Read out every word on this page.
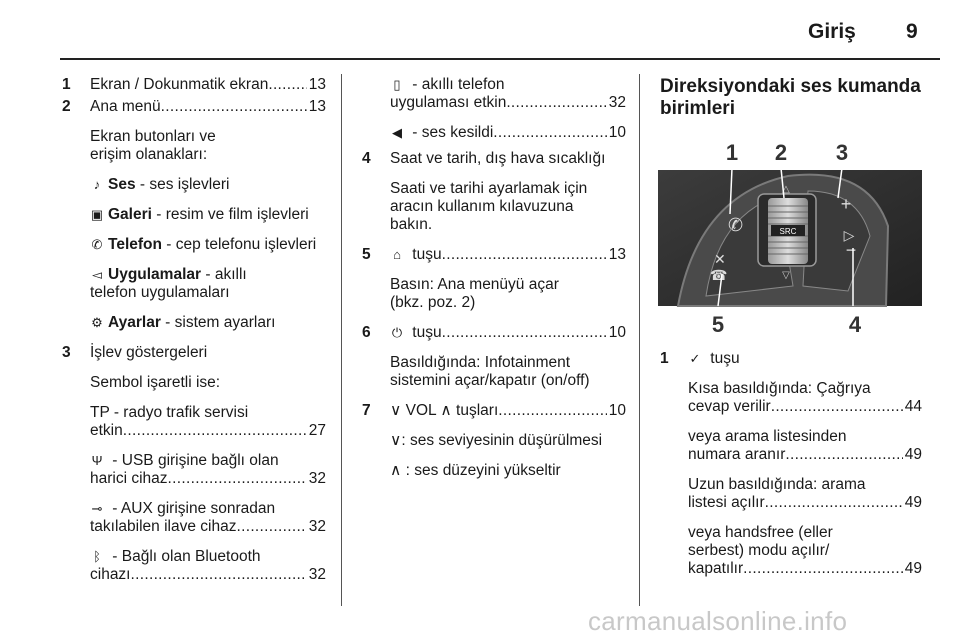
Giriş 9
1 Ekran / Dokunmatik ekran . . .	13
2 Ana menü . . .	13
Ekran butonları ve erişim olanakları:
♪ Ses - ses işlevleri
▣ Galeri - resim ve film işlevleri
✆ Telefon - cep telefonu işlevleri
◅ Uygulamalar - akıllı telefon uygulamaları
⚙ Ayarlar - sistem ayarları
3 İşlev göstergeleri
Sembol işaretli ise:
TP - radyo trafik servisi
etkin . . .	27
Ψ - USB girişine bağlı olan
harici cihaz . . .	32
⊸ - AUX girişine sonradan
takılabilen ilave cihaz . . .	32
ᛒ - Bağlı olan Bluetooth
cihazı . . .	32
▯ - akıllı telefon
uygulaması etkin . . .	32
◀ - ses kesildi . . .	10
4 Saat ve tarih, dış hava sıcaklığı
Saati ve tarihi ayarlamak için aracın kullanım kılavuzuna bakın.
5 ⌂ tuşu . . .	13
Basın: Ana menüyü açar (bkz. poz. 2)
6 ⏻ tuşu . . .	10
Basıldığında: Infotainment sistemini açar/kapatır (on/off)
7 ∨ VOL ∧ tuşları . . .	10
∨: ses seviyesinin düşürülmesi
∧ : ses düzeyini yükseltir
Direksiyondaki ses kumanda birimleri
SRC
△
▽
✆
+
▷
−
✕
☎
1 2 3
4
5
1 ✓ tuşu
Kısa basıldığında: Çağrıya
cevap verilir . . .	44
veya arama listesinden
numara aranır . . .	49
Uzun basıldığında: arama
listesi açılır . . .	49
veya handsfree (eller
serbest) modu açılır/
kapatılır . . .	49
carmanualsonline.info
